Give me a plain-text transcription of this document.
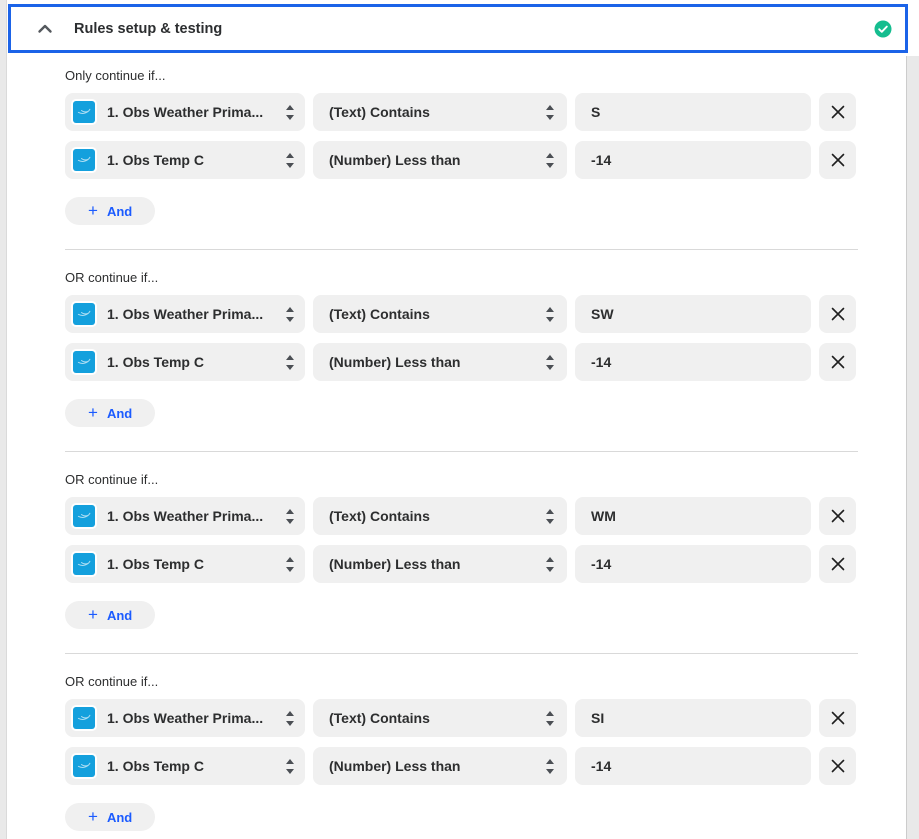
Rules setup & testing
Only continue if...
1. Obs Weather Prima...	(Text) Contains	S
1. Obs Temp C	(Number) Less than	-14
+ And
OR continue if...
1. Obs Weather Prima...	(Text) Contains	SW
1. Obs Temp C	(Number) Less than	-14
+ And
OR continue if...
1. Obs Weather Prima...	(Text) Contains	WM
1. Obs Temp C	(Number) Less than	-14
+ And
OR continue if...
1. Obs Weather Prima...	(Text) Contains	SI
1. Obs Temp C	(Number) Less than	-14
+ And
